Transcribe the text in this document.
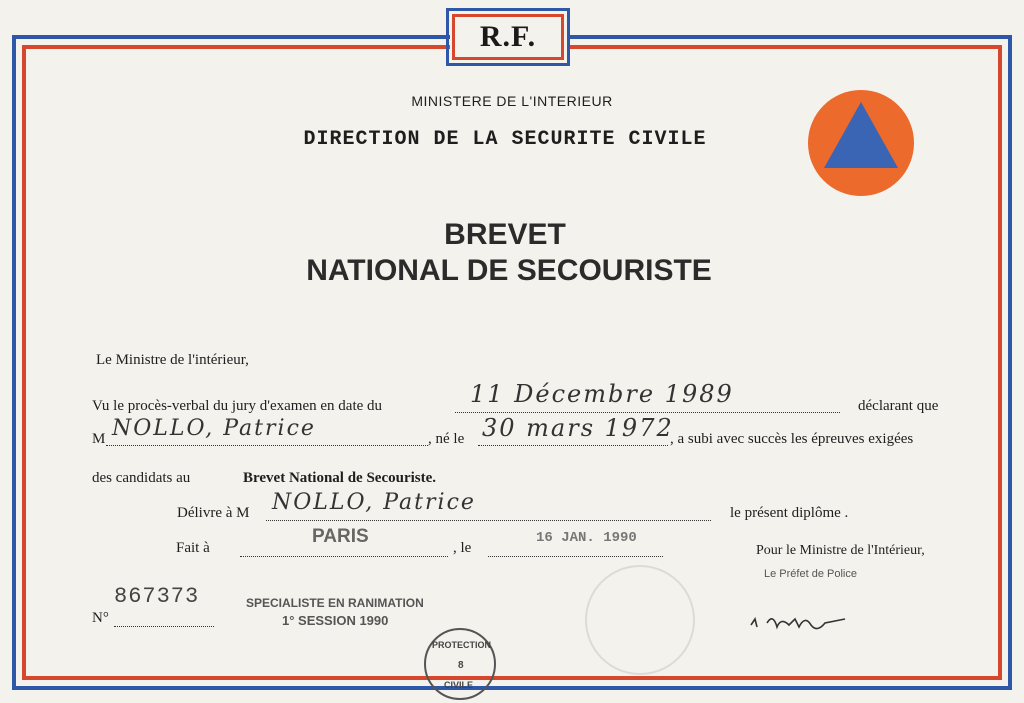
R.F.
MINISTERE DE L'INTERIEUR
DIRECTION DE LA SECURITE CIVILE
BREVET
NATIONAL DE SECOURISTE
Le Ministre de l'intérieur,
Vu le procès-verbal du jury d'examen en date du	11 Décembre 1989	déclarant que
M NOLLO, Patrice	, né le 30 mars 1972
, a subi avec succès les épreuves exigées
des candidats au	Brevet National de Secouriste.
Délivre à M NOLLO, Patrice	le présent diplôme .
Fait à
PARIS
, le
16 JAN. 1990
Pour le Ministre de l'Intérieur,
Le Préfet de Police
867373
N°
SPECIALISTE EN RANIMATION
1° SESSION 1990
PROTECTION
8
CIVILE
